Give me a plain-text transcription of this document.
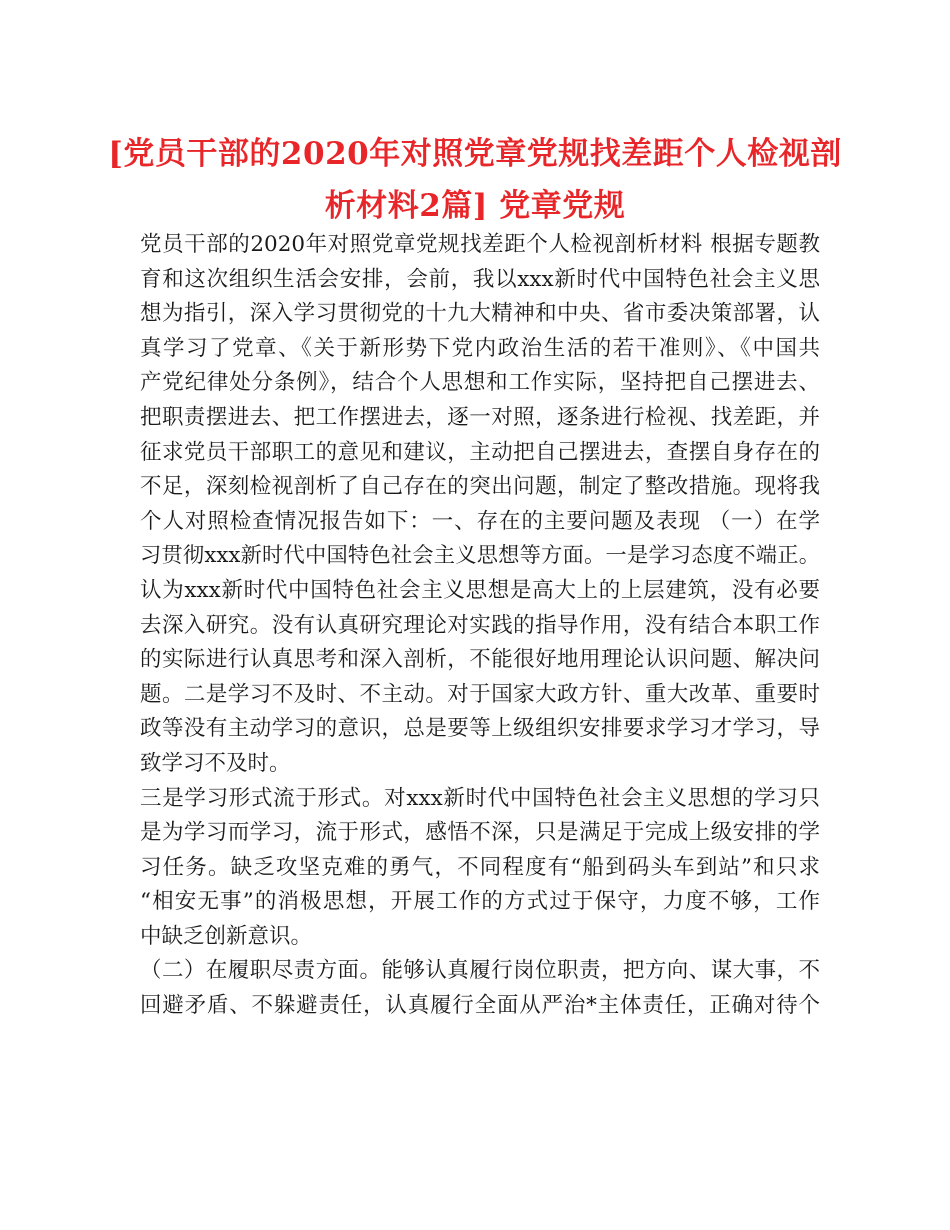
[党员干部的2020年对照党章党规找差距个人检视剖
析材料2篇] 党章党规
党员干部的2020年对照党章党规找差距个人检视剖析材料 根据专题教
育和这次组织生活会安排，会前，我以xxx新时代中国特色社会主义思
想为指引，深入学习贯彻党的十九大精神和中央、省市委决策部署，认
真学习了党章、《关于新形势下党内政治生活的若干准则》、《中国共
产党纪律处分条例》，结合个人思想和工作实际，坚持把自己摆进去、
把职责摆进去、把工作摆进去，逐一对照，逐条进行检视、找差距，并
征求党员干部职工的意见和建议，主动把自己摆进去，查摆自身存在的
不足，深刻检视剖析了自己存在的突出问题，制定了整改措施。现将我
个人对照检查情况报告如下：一、存在的主要问题及表现 （一）在学
习贯彻xxx新时代中国特色社会主义思想等方面。一是学习态度不端正。
认为xxx新时代中国特色社会主义思想是高大上的上层建筑，没有必要
去深入研究。没有认真研究理论对实践的指导作用，没有结合本职工作
的实际进行认真思考和深入剖析，不能很好地用理论认识问题、解决问
题。二是学习不及时、不主动。对于国家大政方针、重大改革、重要时
政等没有主动学习的意识，总是要等上级组织安排要求学习才学习，导
致学习不及时。
三是学习形式流于形式。对xxx新时代中国特色社会主义思想的学习只
是为学习而学习，流于形式，感悟不深，只是满足于完成上级安排的学
习任务。缺乏攻坚克难的勇气，不同程度有“船到码头车到站”和只求
“相安无事”的消极思想，开展工作的方式过于保守，力度不够，工作
中缺乏创新意识。
（二）在履职尽责方面。能够认真履行岗位职责，把方向、谋大事，不
回避矛盾、不躲避责任，认真履行全面从严治*主体责任，正确对待个
